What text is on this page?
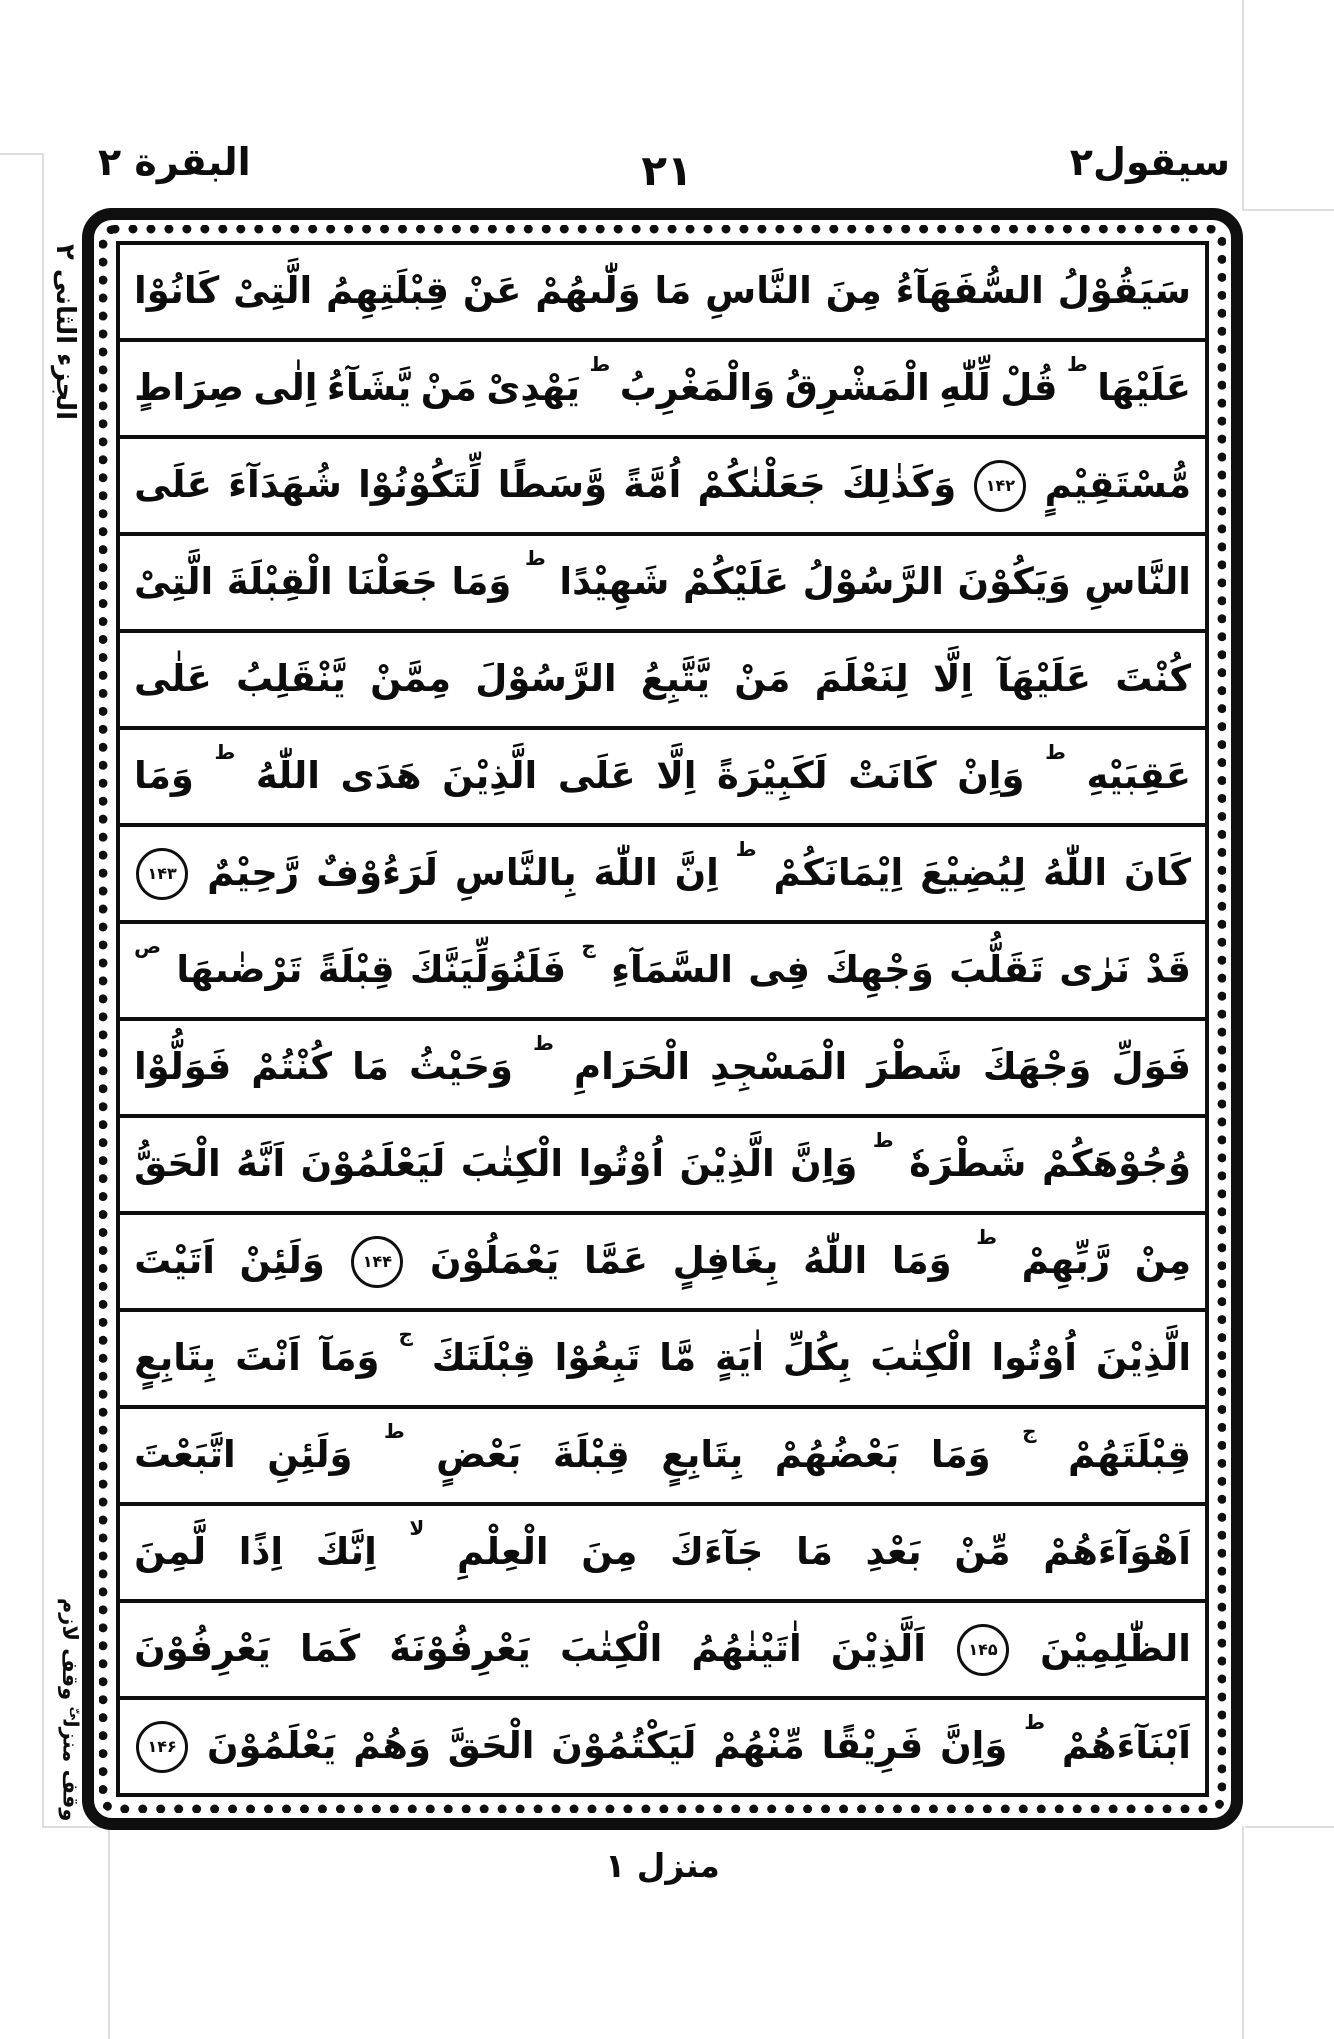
سيقول٢
٢١
البقرة ٢
الجزء الثانى ٢
وقف لازم
وقف منزل$^{ىّ}$
سَيَقُوْلُ
السُّفَهَآءُ
مِنَ
النَّاسِ
مَا
وَلّٰىهُمْ
عَنْ
قِبْلَتِهِمُ
الَّتِىْ
كَانُوْا
عَلَيْهَا
ط
قُلْ
لِّلّٰهِ
الْمَشْرِقُ
وَالْمَغْرِبُ
ط
يَهْدِىْ
مَنْ
يَّشَآءُ
اِلٰى
صِرَاطٍ
مُّسْتَقِيْمٍ
۱۴۲
وَكَذٰلِكَ
جَعَلْنٰكُمْ
اُمَّةً
وَّسَطًا
لِّتَكُوْنُوْا
شُهَدَآءَ
عَلَى
النَّاسِ
وَيَكُوْنَ
الرَّسُوْلُ
عَلَيْكُمْ
شَهِيْدًا
ط
وَمَا
جَعَلْنَا
الْقِبْلَةَ
الَّتِىْ
كُنْتَ
عَلَيْهَآ
اِلَّا
لِنَعْلَمَ
مَنْ
يَّتَّبِعُ
الرَّسُوْلَ
مِمَّنْ
يَّنْقَلِبُ
عَلٰى
عَقِبَيْهِ
ط
وَاِنْ
كَانَتْ
لَكَبِيْرَةً
اِلَّا
عَلَى
الَّذِيْنَ
هَدَى
اللّٰهُ
ط
وَمَا
كَانَ
اللّٰهُ
لِيُضِيْعَ
اِيْمَانَكُمْ
ط
اِنَّ
اللّٰهَ
بِالنَّاسِ
لَرَءُوْفٌ
رَّحِيْمٌ
۱۴۳
قَدْ
نَرٰى
تَقَلُّبَ
وَجْهِكَ
فِى
السَّمَآءِ
ج
فَلَنُوَلِّيَنَّكَ
قِبْلَةً
تَرْضٰىهَا
ص
فَوَلِّ
وَجْهَكَ
شَطْرَ
الْمَسْجِدِ
الْحَرَامِ
ط
وَحَيْثُ
مَا
كُنْتُمْ
فَوَلُّوْا
وُجُوْهَكُمْ
شَطْرَهٗ
ط
وَاِنَّ
الَّذِيْنَ
اُوْتُوا
الْكِتٰبَ
لَيَعْلَمُوْنَ
اَنَّهُ
الْحَقُّ
مِنْ
رَّبِّهِمْ
ط
وَمَا
اللّٰهُ
بِغَافِلٍ
عَمَّا
يَعْمَلُوْنَ
۱۴۴
وَلَئِنْ
اَتَيْتَ
الَّذِيْنَ
اُوْتُوا
الْكِتٰبَ
بِكُلِّ
اٰيَةٍ
مَّا
تَبِعُوْا
قِبْلَتَكَ
ج
وَمَآ
اَنْتَ
بِتَابِعٍ
قِبْلَتَهُمْ
ج
وَمَا
بَعْضُهُمْ
بِتَابِعٍ
قِبْلَةَ
بَعْضٍ
ط
وَلَئِنِ
اتَّبَعْتَ
اَهْوَآءَهُمْ
مِّنْ
بَعْدِ
مَا
جَآءَكَ
مِنَ
الْعِلْمِ
لا
اِنَّكَ
اِذًا
لَّمِنَ
الظّٰلِمِيْنَ
۱۴۵
اَلَّذِيْنَ
اٰتَيْنٰهُمُ
الْكِتٰبَ
يَعْرِفُوْنَهٗ
كَمَا
يَعْرِفُوْنَ
اَبْنَآءَهُمْ
ط
وَاِنَّ
فَرِيْقًا
مِّنْهُمْ
لَيَكْتُمُوْنَ
الْحَقَّ
وَهُمْ
يَعْلَمُوْنَ
۱۴۶
منزل ١
